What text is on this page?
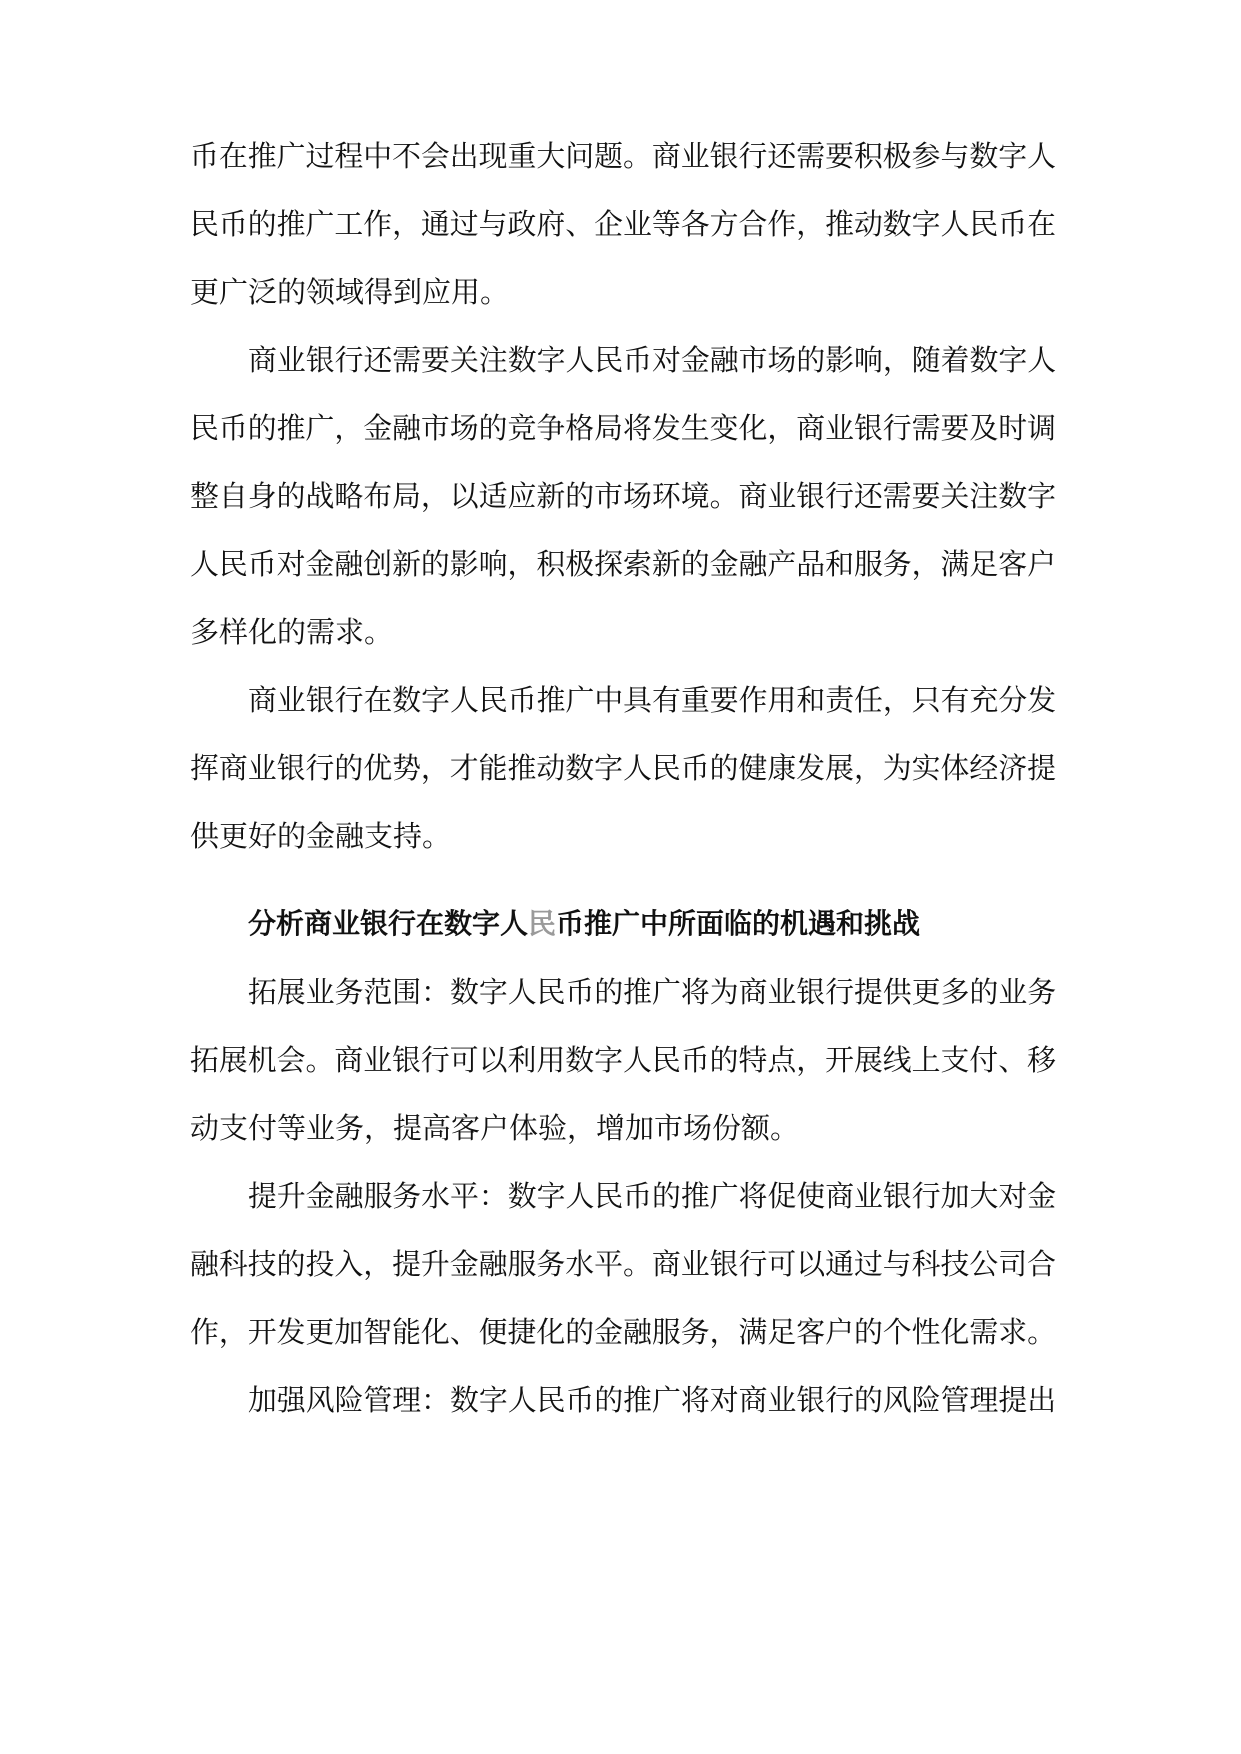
币在推广过程中不会出现重大问题。商业银行还需要积极参与数字人
民币的推广工作，通过与政府、企业等各方合作，推动数字人民币在
更广泛的领域得到应用。
商业银行还需要关注数字人民币对金融市场的影响，随着数字人
民币的推广，金融市场的竞争格局将发生变化，商业银行需要及时调
整自身的战略布局，以适应新的市场环境。商业银行还需要关注数字
人民币对金融创新的影响，积极探索新的金融产品和服务，满足客户
多样化的需求。
商业银行在数字人民币推广中具有重要作用和责任，只有充分发
挥商业银行的优势，才能推动数字人民币的健康发展，为实体经济提
供更好的金融支持。
分析商业银行在数字人民币推广中所面临的机遇和挑战
拓展业务范围：数字人民币的推广将为商业银行提供更多的业务
拓展机会。商业银行可以利用数字人民币的特点，开展线上支付、移
动支付等业务，提高客户体验，增加市场份额。
提升金融服务水平：数字人民币的推广将促使商业银行加大对金
融科技的投入，提升金融服务水平。商业银行可以通过与科技公司合
作，开发更加智能化、便捷化的金融服务，满足客户的个性化需求。
加强风险管理：数字人民币的推广将对商业银行的风险管理提出
